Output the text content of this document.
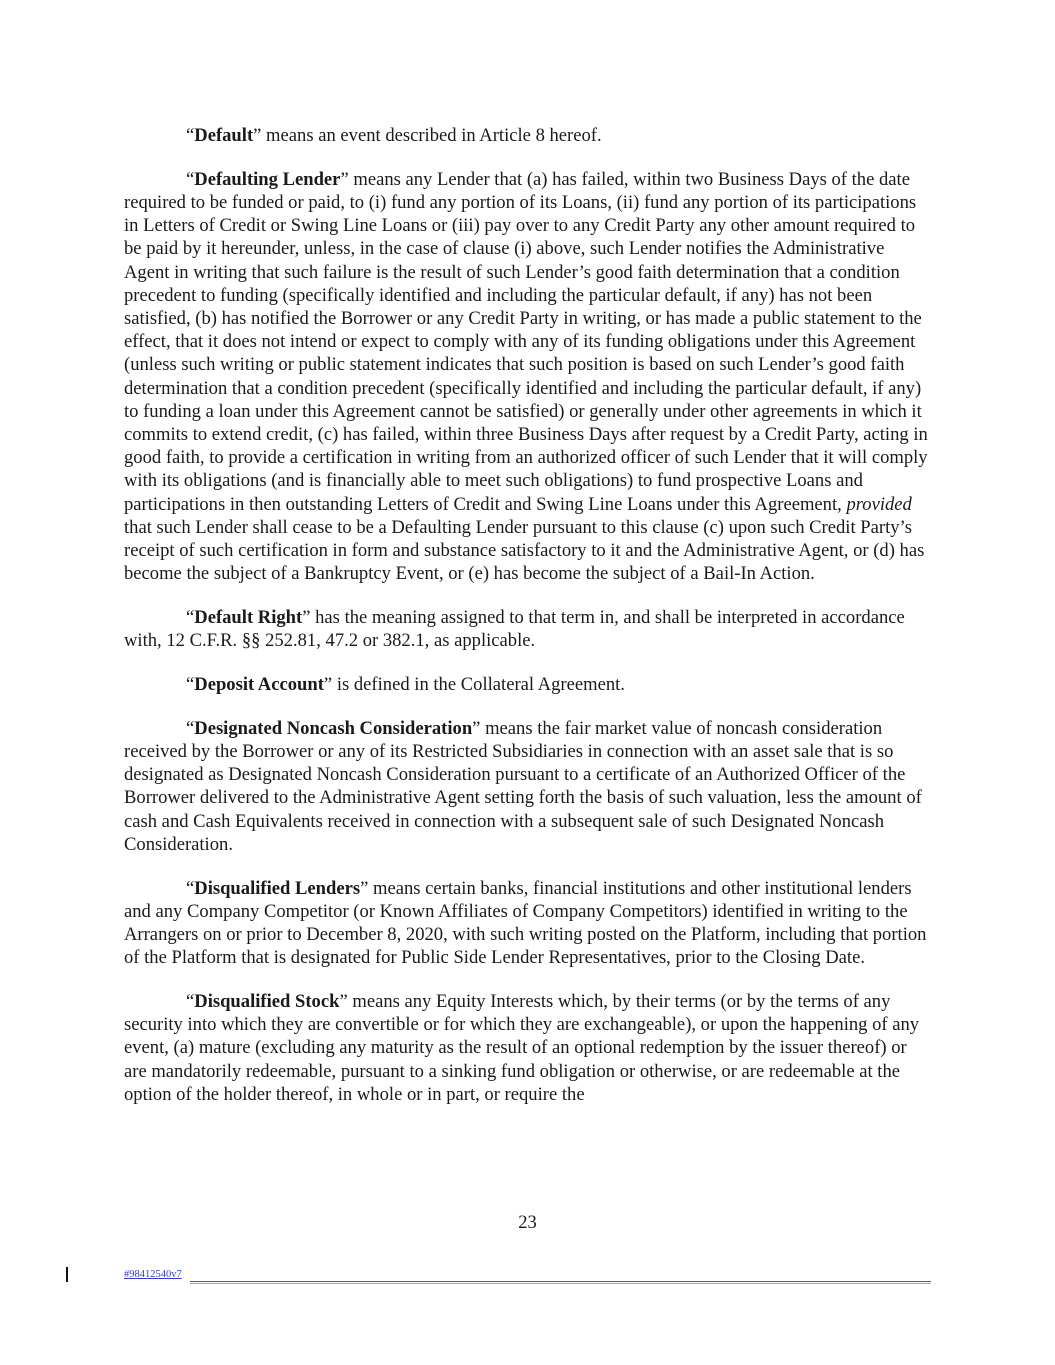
“Default” means an event described in Article 8 hereof.

“Defaulting Lender” means any Lender that (a) has failed, within two Business Days of the date required to be funded or paid, to (i) fund any portion of its Loans, (ii) fund any portion of its participations in Letters of Credit or Swing Line Loans or (iii) pay over to any Credit Party any other amount required to be paid by it hereunder, unless, in the case of clause (i) above, such Lender notifies the Administrative Agent in writing that such failure is the result of such Lender’s good faith determination that a condition precedent to funding (specifically identified and including the particular default, if any) has not been satisfied, (b) has notified the Borrower or any Credit Party in writing, or has made a public statement to the effect, that it does not intend or expect to comply with any of its funding obligations under this Agreement (unless such writing or public statement indicates that such position is based on such Lender’s good faith determination that a condition precedent (specifically identified and including the particular default, if any) to funding a loan under this Agreement cannot be satisfied) or generally under other agreements in which it commits to extend credit, (c) has failed, within three Business Days after request by a Credit Party, acting in good faith, to provide a certification in writing from an authorized officer of such Lender that it will comply with its obligations (and is financially able to meet such obligations) to fund prospective Loans and participations in then outstanding Letters of Credit and Swing Line Loans under this Agreement, provided that such Lender shall cease to be a Defaulting Lender pursuant to this clause (c) upon such Credit Party’s receipt of such certification in form and substance satisfactory to it and the Administrative Agent, or (d) has become the subject of a Bankruptcy Event, or (e) has become the subject of a Bail-In Action.

“Default Right” has the meaning assigned to that term in, and shall be interpreted in accordance with, 12 C.F.R. §§ 252.81, 47.2 or 382.1, as applicable.

“Deposit Account” is defined in the Collateral Agreement.

“Designated Noncash Consideration” means the fair market value of noncash consideration received by the Borrower or any of its Restricted Subsidiaries in connection with an asset sale that is so designated as Designated Noncash Consideration pursuant to a certificate of an Authorized Officer of the Borrower delivered to the Administrative Agent setting forth the basis of such valuation, less the amount of cash and Cash Equivalents received in connection with a subsequent sale of such Designated Noncash Consideration.

“Disqualified Lenders” means certain banks, financial institutions and other institutional lenders and any Company Competitor (or Known Affiliates of Company Competitors) identified in writing to the Arrangers on or prior to December 8, 2020, with such writing posted on the Platform, including that portion of the Platform that is designated for Public Side Lender Representatives, prior to the Closing Date.

“Disqualified Stock” means any Equity Interests which, by their terms (or by the terms of any security into which they are convertible or for which they are exchangeable), or upon the happening of any event, (a) mature (excluding any maturity as the result of an optional redemption by the issuer thereof) or are mandatorily redeemable, pursuant to a sinking fund obligation or otherwise, or are redeemable at the option of the holder thereof, in whole or in part, or require the

23
#98412540v7
